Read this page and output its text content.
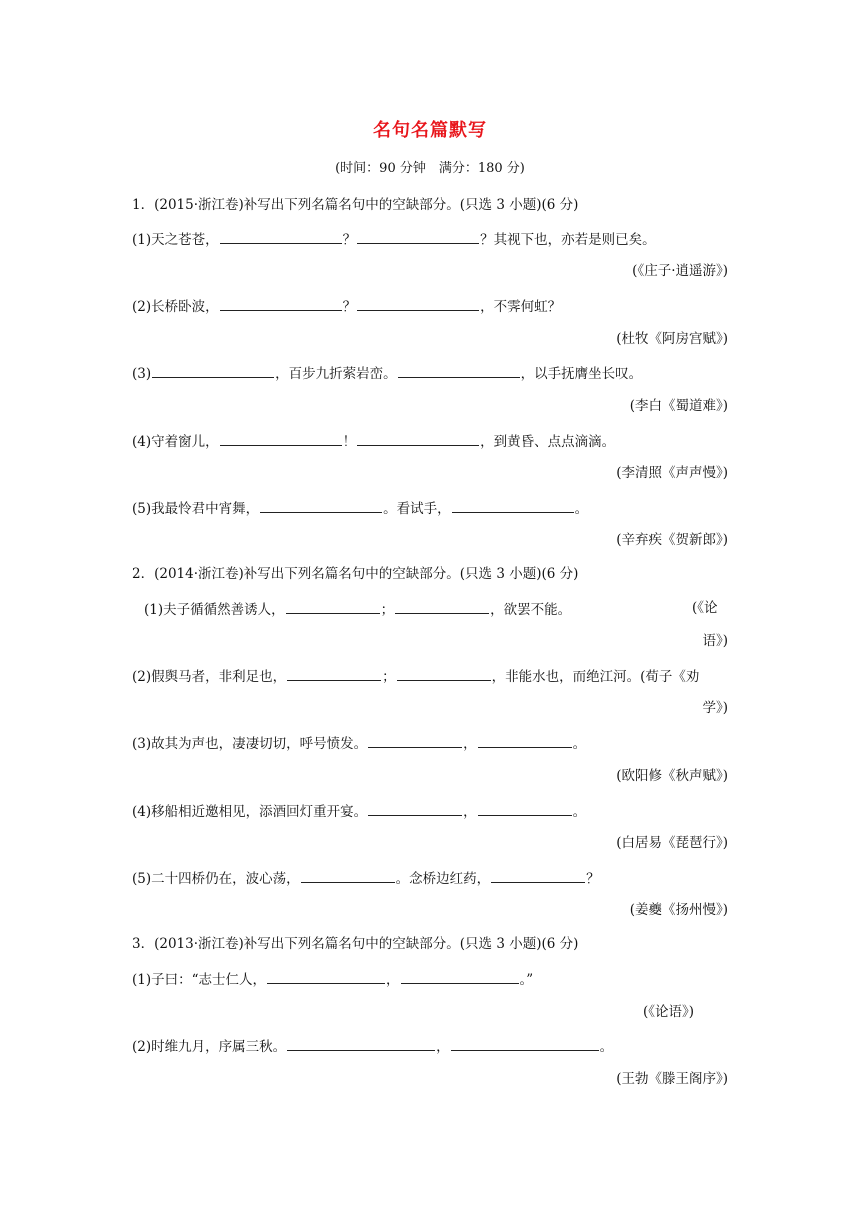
名句名篇默写
(时间：90 分钟　满分：180 分)
1．(2015·浙江卷)补写出下列名篇名句中的空缺部分。(只选 3 小题)(6 分)
(1)天之苍苍，	？	？其视下也，亦若是则已矣。
(《庄子·逍遥游》)
(2)长桥卧波，	？	，不霁何虹？
(杜牧《阿房宫赋》)
(3)	，百步九折萦岩峦。	，以手抚膺坐长叹。
(李白《蜀道难》)
(4)守着窗儿，	！	，到黄昏、点点滴滴。
(李清照《声声慢》)
(5)我最怜君中宵舞，	。看试手，	。
(辛弃疾《贺新郎》)
2．(2014·浙江卷)补写出下列名篇名句中的空缺部分。(只选 3 小题)(6 分)
(1)夫子循循然善诱人，	；	，欲罢不能。	(《论
语》)
(2)假舆马者，非利足也，	；	，非能水也，而绝江河。(荀子《劝
学》)
(3)故其为声也，凄凄切切，呼号愤发。	，	。
(欧阳修《秋声赋》)
(4)移船相近邀相见，添酒回灯重开宴。	，	。
(白居易《琵琶行》)
(5)二十四桥仍在，波心荡，	。念桥边红药，	？
(姜夔《扬州慢》)
3．(2013·浙江卷)补写出下列名篇名句中的空缺部分。(只选 3 小题)(6 分)
(1)子曰：“志士仁人，	，	。”
(《论语》)
(2)时维九月，序属三秋。	，	。
(王勃《滕王阁序》)
